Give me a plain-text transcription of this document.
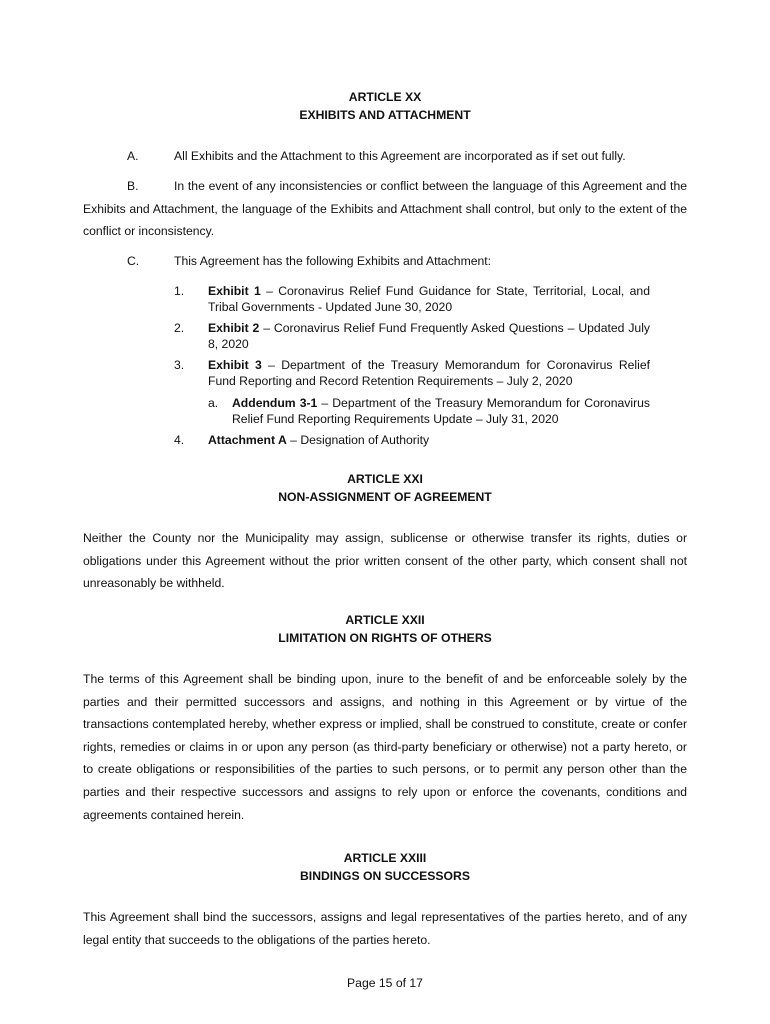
ARTICLE XX
EXHIBITS AND ATTACHMENT
A.	All Exhibits and the Attachment to this Agreement are incorporated as if set out fully.
B.	In the event of any inconsistencies or conflict between the language of this Agreement and the Exhibits and Attachment, the language of the Exhibits and Attachment shall control, but only to the extent of the conflict or inconsistency.
C.	This Agreement has the following Exhibits and Attachment:
1. Exhibit 1 – Coronavirus Relief Fund Guidance for State, Territorial, Local, and Tribal Governments - Updated June 30, 2020
2. Exhibit 2 – Coronavirus Relief Fund Frequently Asked Questions – Updated July 8, 2020
3. Exhibit 3 – Department of the Treasury Memorandum for Coronavirus Relief Fund Reporting and Record Retention Requirements – July 2, 2020
a. Addendum 3-1 – Department of the Treasury Memorandum for Coronavirus Relief Fund Reporting Requirements Update – July 31, 2020
4. Attachment A – Designation of Authority
ARTICLE XXI
NON-ASSIGNMENT OF AGREEMENT
Neither the County nor the Municipality may assign, sublicense or otherwise transfer its rights, duties or obligations under this Agreement without the prior written consent of the other party, which consent shall not unreasonably be withheld.
ARTICLE XXII
LIMITATION ON RIGHTS OF OTHERS
The terms of this Agreement shall be binding upon, inure to the benefit of and be enforceable solely by the parties and their permitted successors and assigns, and nothing in this Agreement or by virtue of the transactions contemplated hereby, whether express or implied, shall be construed to constitute, create or confer rights, remedies or claims in or upon any person (as third-party beneficiary or otherwise) not a party hereto, or to create obligations or responsibilities of the parties to such persons, or to permit any person other than the parties and their respective successors and assigns to rely upon or enforce the covenants, conditions and agreements contained herein.
ARTICLE XXIII
BINDINGS ON SUCCESSORS
This Agreement shall bind the successors, assigns and legal representatives of the parties hereto, and of any legal entity that succeeds to the obligations of the parties hereto.
Page 15 of 17
